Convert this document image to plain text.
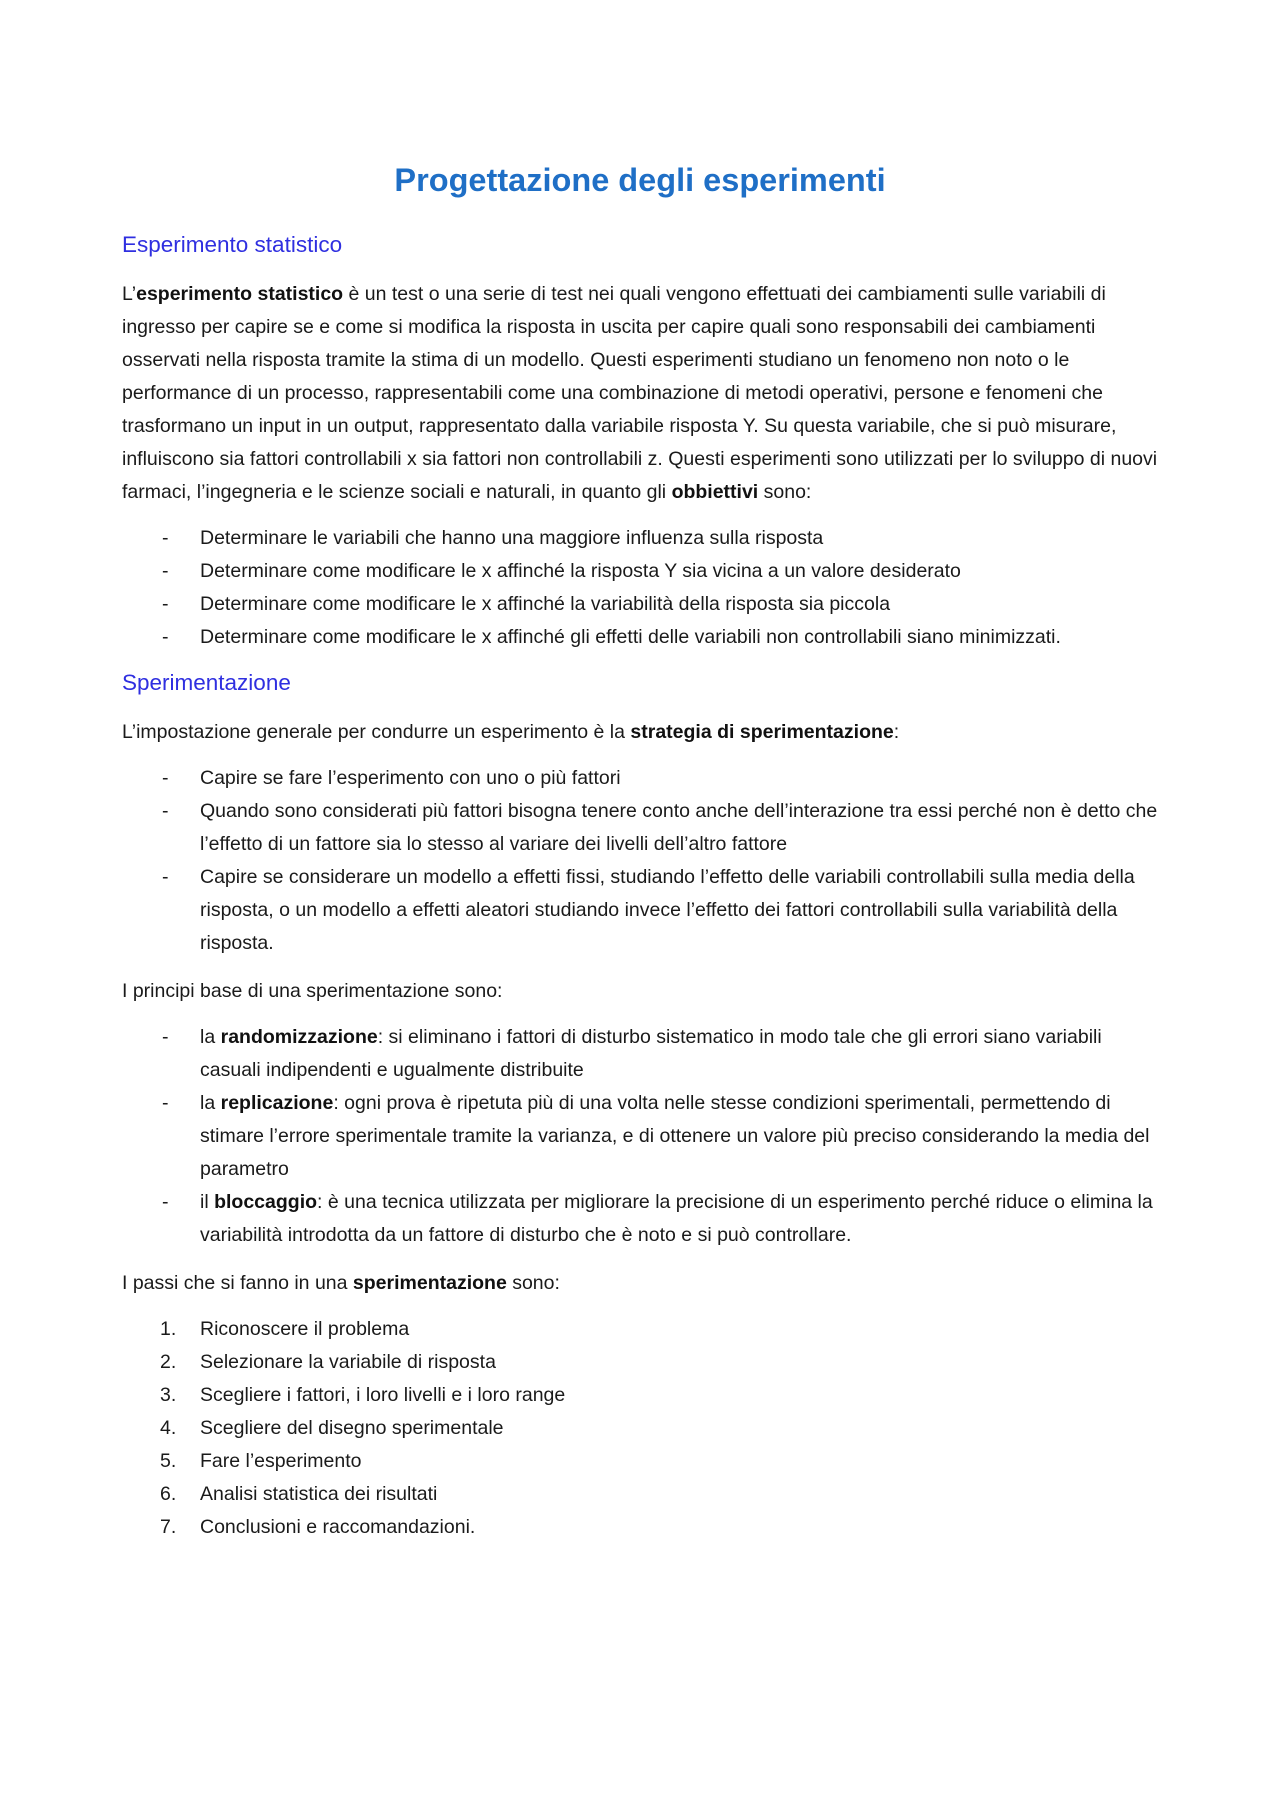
Progettazione degli esperimenti
Esperimento statistico

L’esperimento statistico è un test o una serie di test nei quali vengono effettuati dei cambiamenti sulle variabili di ingresso per capire se e come si modifica la risposta in uscita per capire quali sono responsabili dei cambiamenti osservati nella risposta tramite la stima di un modello. Questi esperimenti studiano un fenomeno non noto o le performance di un processo, rappresentabili come una combinazione di metodi operativi, persone e fenomeni che trasformano un input in un output, rappresentato dalla variabile risposta Y. Su questa variabile, che si può misurare, influiscono sia fattori controllabili x sia fattori non controllabili z. Questi esperimenti sono utilizzati per lo sviluppo di nuovi farmaci, l’ingegneria e le scienze sociali e naturali, in quanto gli obbiettivi sono:

- Determinare le variabili che hanno una maggiore influenza sulla risposta
- Determinare come modificare le x affinché la risposta Y sia vicina a un valore desiderato
- Determinare come modificare le x affinché la variabilità della risposta sia piccola
- Determinare come modificare le x affinché gli effetti delle variabili non controllabili siano minimizzati.
Sperimentazione

L’impostazione generale per condurre un esperimento è la strategia di sperimentazione:

- Capire se fare l’esperimento con uno o più fattori
- Quando sono considerati più fattori bisogna tenere conto anche dell’interazione tra essi perché non è detto che l’effetto di un fattore sia lo stesso al variare dei livelli dell’altro fattore
- Capire se considerare un modello a effetti fissi, studiando l’effetto delle variabili controllabili sulla media della risposta, o un modello a effetti aleatori studiando invece l’effetto dei fattori controllabili sulla variabilità della risposta.

I principi base di una sperimentazione sono:

- la randomizzazione: si eliminano i fattori di disturbo sistematico in modo tale che gli errori siano variabili casuali indipendenti e ugualmente distribuite
- la replicazione: ogni prova è ripetuta più di una volta nelle stesse condizioni sperimentali, permettendo di stimare l’errore sperimentale tramite la varianza, e di ottenere un valore più preciso considerando la media del parametro
- il bloccaggio: è una tecnica utilizzata per migliorare la precisione di un esperimento perché riduce o elimina la variabilità introdotta da un fattore di disturbo che è noto e si può controllare.

I passi che si fanno in una sperimentazione sono:

1. Riconoscere il problema
2. Selezionare la variabile di risposta
3. Scegliere i fattori, i loro livelli e i loro range
4. Scegliere del disegno sperimentale
5. Fare l’esperimento
6. Analisi statistica dei risultati
7. Conclusioni e raccomandazioni.
